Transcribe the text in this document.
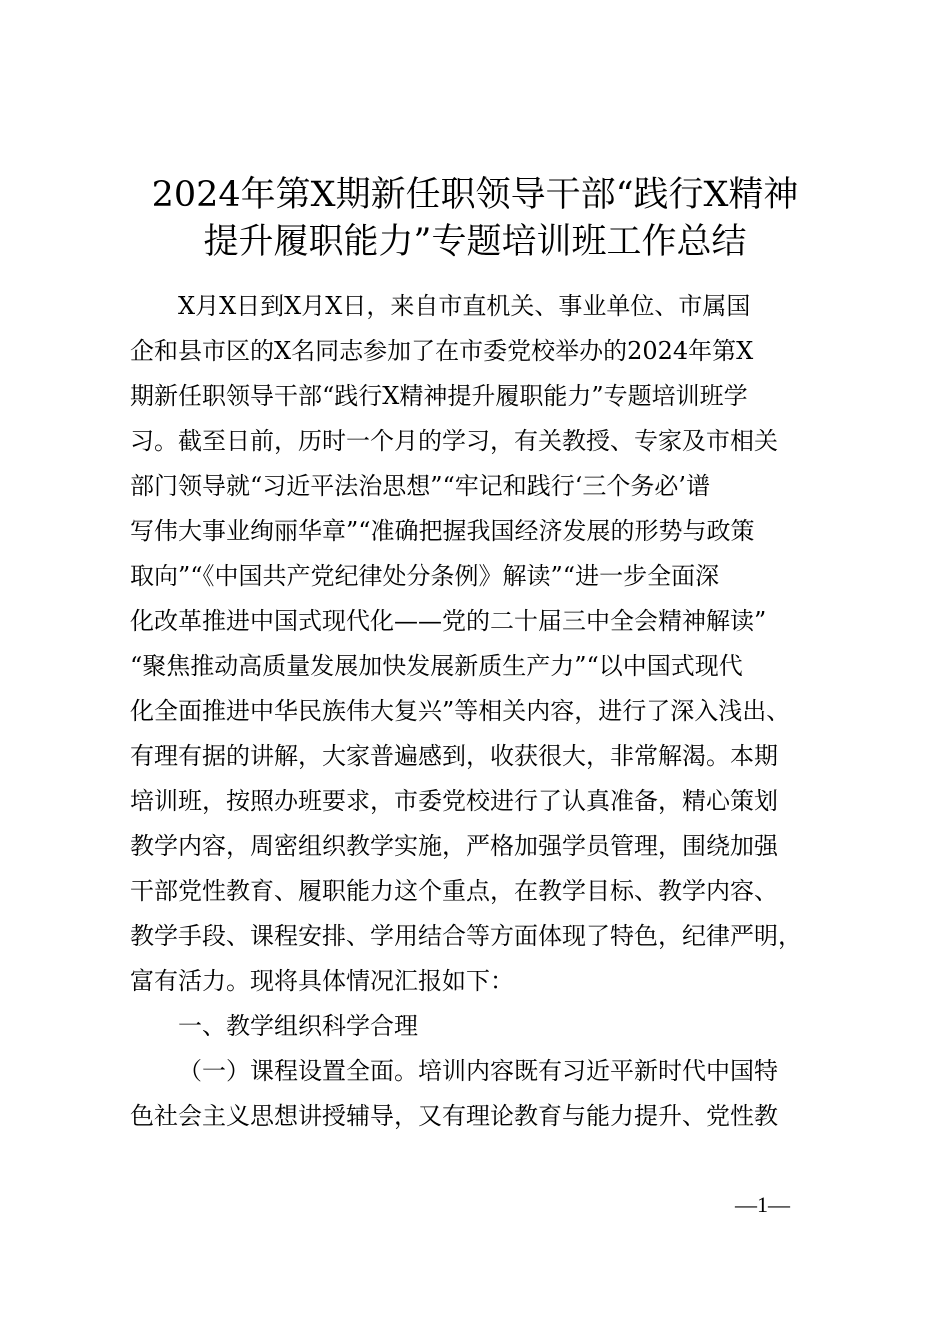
2024年第X期新任职领导干部“践行X精神
提升履职能力”专题培训班工作总结
X月X日到X月X日，来自市直机关、事业单位、市属国
企和县市区的X名同志参加了在市委党校举办的2024年第X
期新任职领导干部“践行X精神提升履职能力”专题培训班学
习。截至日前，历时一个月的学习，有关教授、专家及市相关
部门领导就“习近平法治思想”“牢记和践行‘三个务必’谱
写伟大事业绚丽华章”“准确把握我国经济发展的形势与政策
取向”“《中国共产党纪律处分条例》解读”“进一步全面深
化改革推进中国式现代化——党的二十届三中全会精神解读”
“聚焦推动高质量发展加快发展新质生产力”“以中国式现代
化全面推进中华民族伟大复兴”等相关内容，进行了深入浅出、
有理有据的讲解，大家普遍感到，收获很大，非常解渴。本期
培训班，按照办班要求，市委党校进行了认真准备，精心策划
教学内容，周密组织教学实施，严格加强学员管理，围绕加强
干部党性教育、履职能力这个重点，在教学目标、教学内容、
教学手段、课程安排、学用结合等方面体现了特色，纪律严明，
富有活力。现将具体情况汇报如下：
一、教学组织科学合理
（一）课程设置全面。培训内容既有习近平新时代中国特
色社会主义思想讲授辅导，又有理论教育与能力提升、党性教
—1—
